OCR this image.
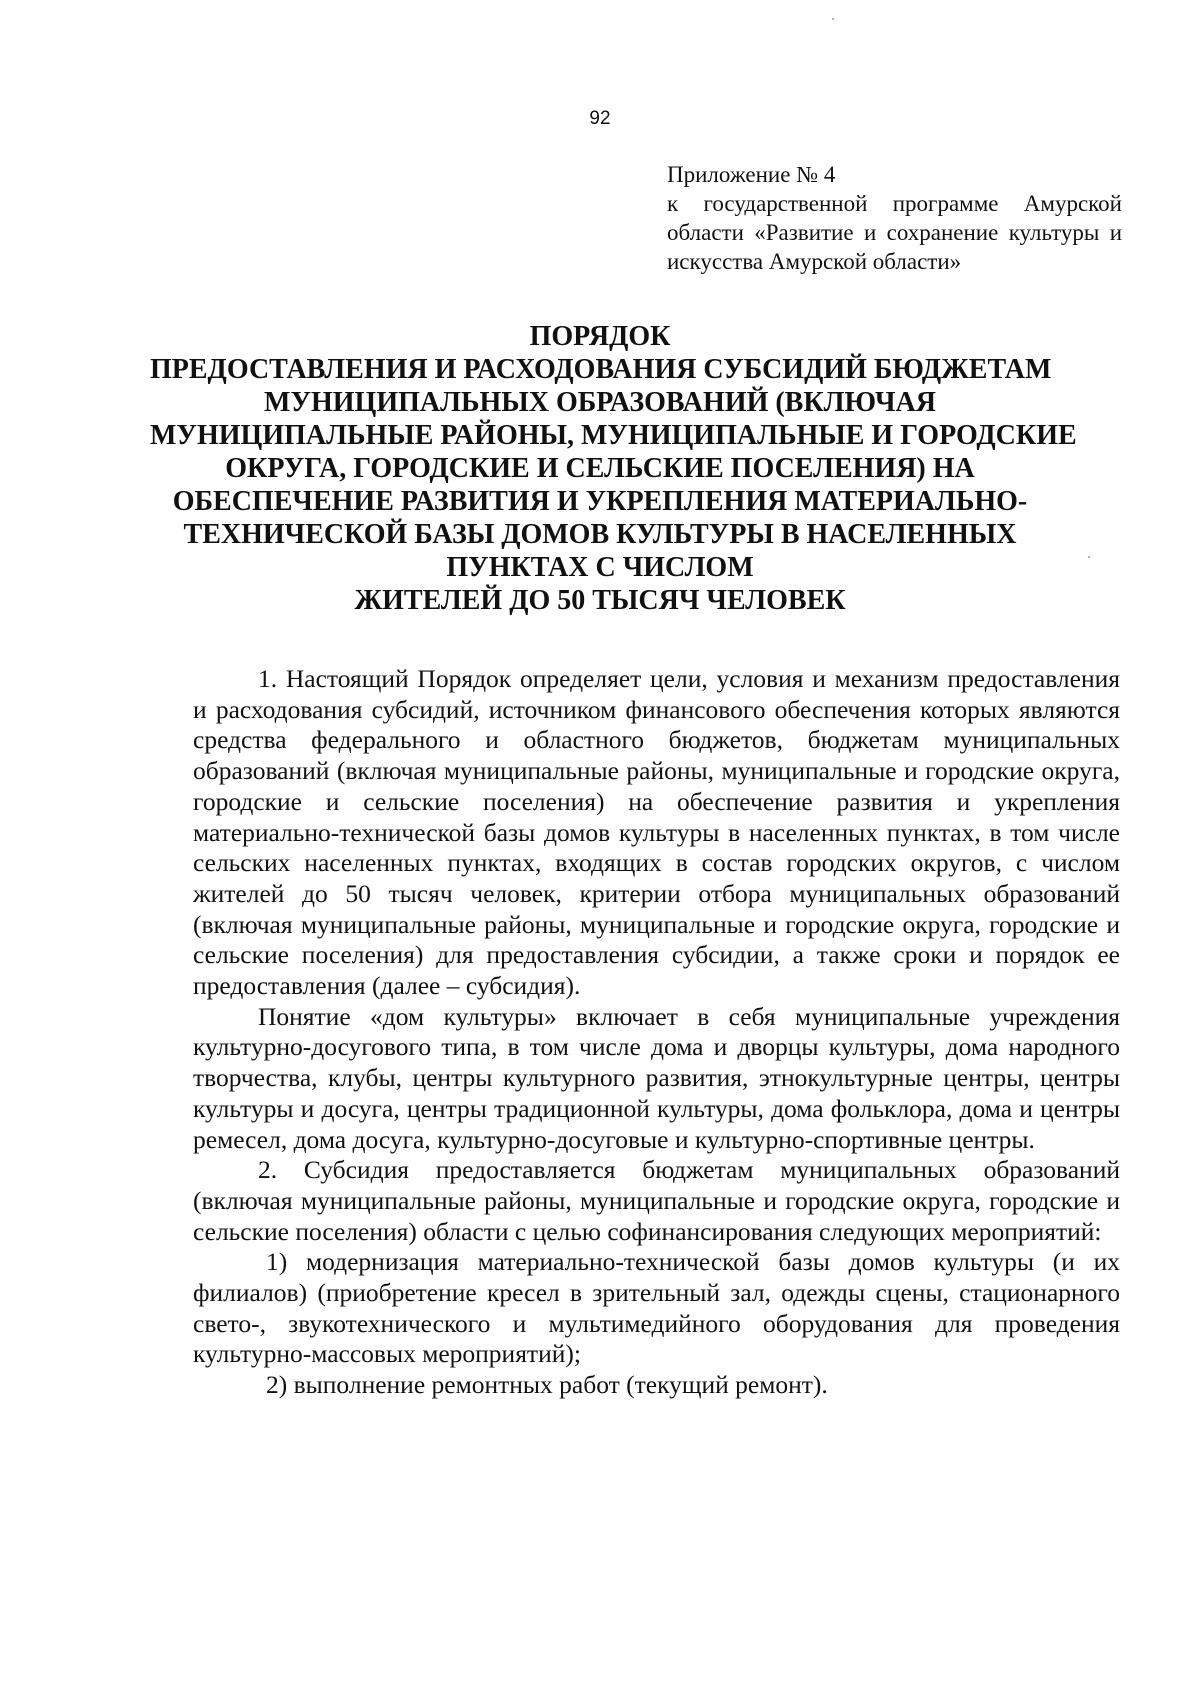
92
Приложение № 4
к государственной программе Амурской
области «Развитие и сохранение культуры и
искусства Амурской области»
ПОРЯДОК
ПРЕДОСТАВЛЕНИЯ И РАСХОДОВАНИЯ СУБСИДИЙ БЮДЖЕТАМ
МУНИЦИПАЛЬНЫХ ОБРАЗОВАНИЙ (ВКЛЮЧАЯ
МУНИЦИПАЛЬНЫЕ РАЙОНЫ, МУНИЦИПАЛЬНЫЕ И ГОРОДСКИЕ
ОКРУГА, ГОРОДСКИЕ И СЕЛЬСКИЕ ПОСЕЛЕНИЯ) НА
ОБЕСПЕЧЕНИЕ РАЗВИТИЯ И УКРЕПЛЕНИЯ МАТЕРИАЛЬНО-
ТЕХНИЧЕСКОЙ БАЗЫ ДОМОВ КУЛЬТУРЫ В НАСЕЛЕННЫХ
ПУНКТАХ С ЧИСЛОМ
ЖИТЕЛЕЙ ДО 50 ТЫСЯЧ ЧЕЛОВЕК

1. Настоящий Порядок определяет цели, условия и механизм предоставления и расходования субсидий, источником финансового обеспечения которых являются средства федерального и областного бюджетов, бюджетам муниципальных образований (включая муниципальные районы, муниципальные и городские округа, городские и сельские поселения) на обеспечение развития и укрепления материально-технической базы домов культуры в населенных пунктах, в том числе сельских населенных пунктах, входящих в состав городских округов, с числом жителей до 50 тысяч человек, критерии отбора муниципальных образований (включая муниципальные районы, муниципальные и городские округа, городские и сельские поселения) для предоставления субсидии, а также сроки и порядок ее предоставления (далее – субсидия).

Понятие «дом культуры» включает в себя муниципальные учреждения культурно-досугового типа, в том числе дома и дворцы культуры, дома народного творчества, клубы, центры культурного развития, этнокультурные центры, центры культуры и досуга, центры традиционной культуры, дома фольклора, дома и центры ремесел, дома досуга, культурно-досуговые и культурно-спортивные центры.

2. Субсидия предоставляется бюджетам муниципальных образований (включая муниципальные районы, муниципальные и городские округа, городские и сельские поселения) области с целью софинансирования следующих мероприятий:

1) модернизация материально-технической базы домов культуры (и их филиалов) (приобретение кресел в зрительный зал, одежды сцены, стационарного свето-, звукотехнического и мультимедийного оборудования для проведения культурно-массовых мероприятий);

2) выполнение ремонтных работ (текущий ремонт).
